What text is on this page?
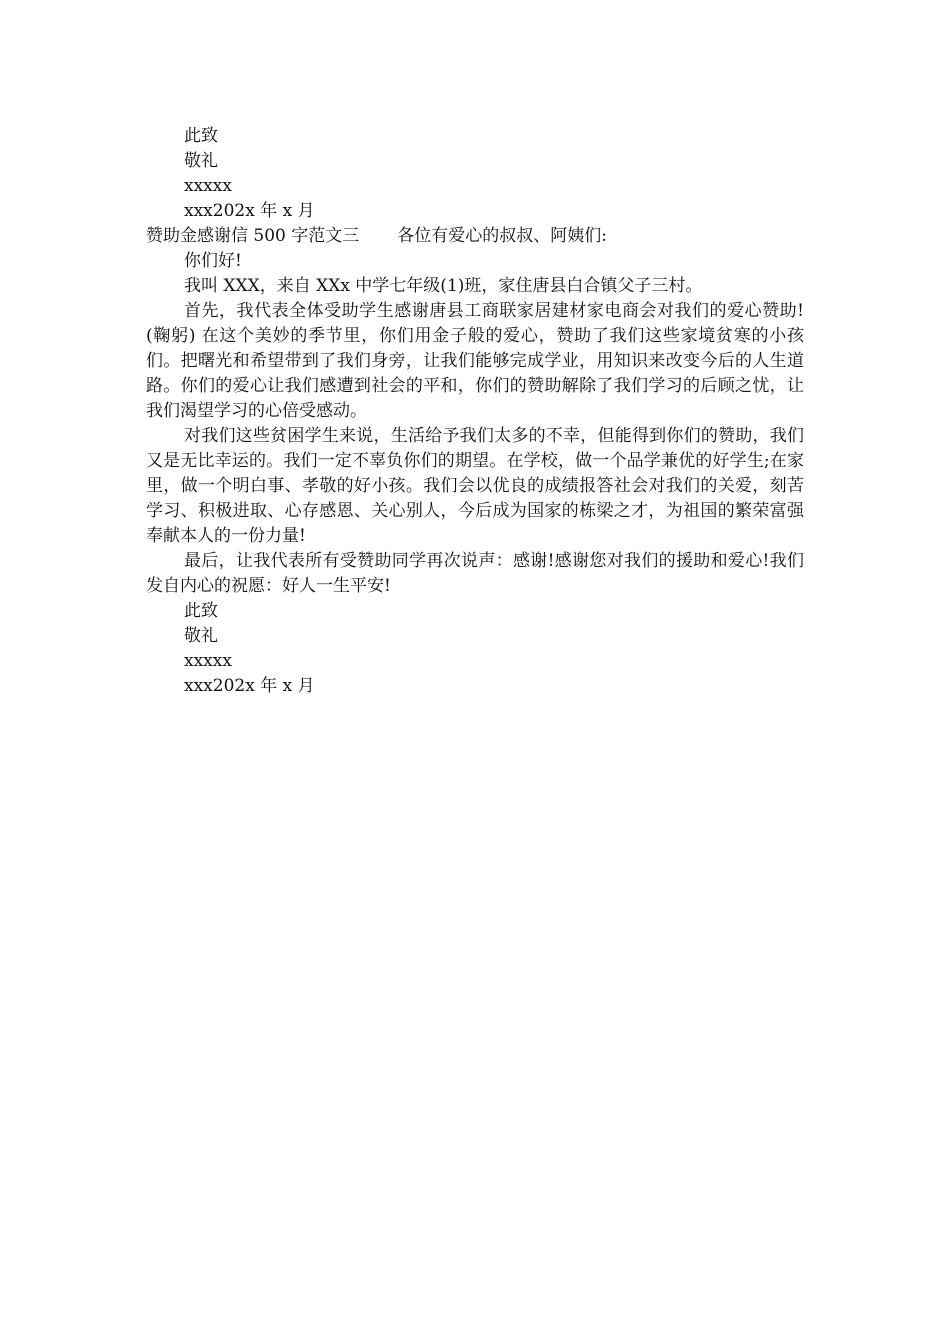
此致

敬礼

xxxxx

xxx202x 年 x 月

赞助金感谢信 500 字范文三 各位有爱心的叔叔、阿姨们:

你们好!

我叫 XXX，来自 XXx 中学七年级(1)班，家住唐县白合镇父子三村。

首先，我代表全体受助学生感谢唐县工商联家居建材家电商会对我们的爱心赞助!(鞠躬) 在这个美妙的季节里，你们用金子般的爱心，赞助了我们这些家境贫寒的小孩们。把曙光和希望带到了我们身旁，让我们能够完成学业，用知识来改变今后的人生道路。你们的爱心让我们感遭到社会的平和，你们的赞助解除了我们学习的后顾之忧，让我们渴望学习的心倍受感动。

对我们这些贫困学生来说，生活给予我们太多的不幸，但能得到你们的赞助，我们又是无比幸运的。我们一定不辜负你们的期望。在学校，做一个品学兼优的好学生;在家里，做一个明白事、孝敬的好小孩。我们会以优良的成绩报答社会对我们的关爱，刻苦学习、积极进取、心存感恩、关心别人，今后成为国家的栋梁之才，为祖国的繁荣富强奉献本人的一份力量!

最后，让我代表所有受赞助同学再次说声：感谢!感谢您对我们的援助和爱心!我们发自内心的祝愿：好人一生平安!

此致

敬礼

xxxxx

xxx202x 年 x 月
